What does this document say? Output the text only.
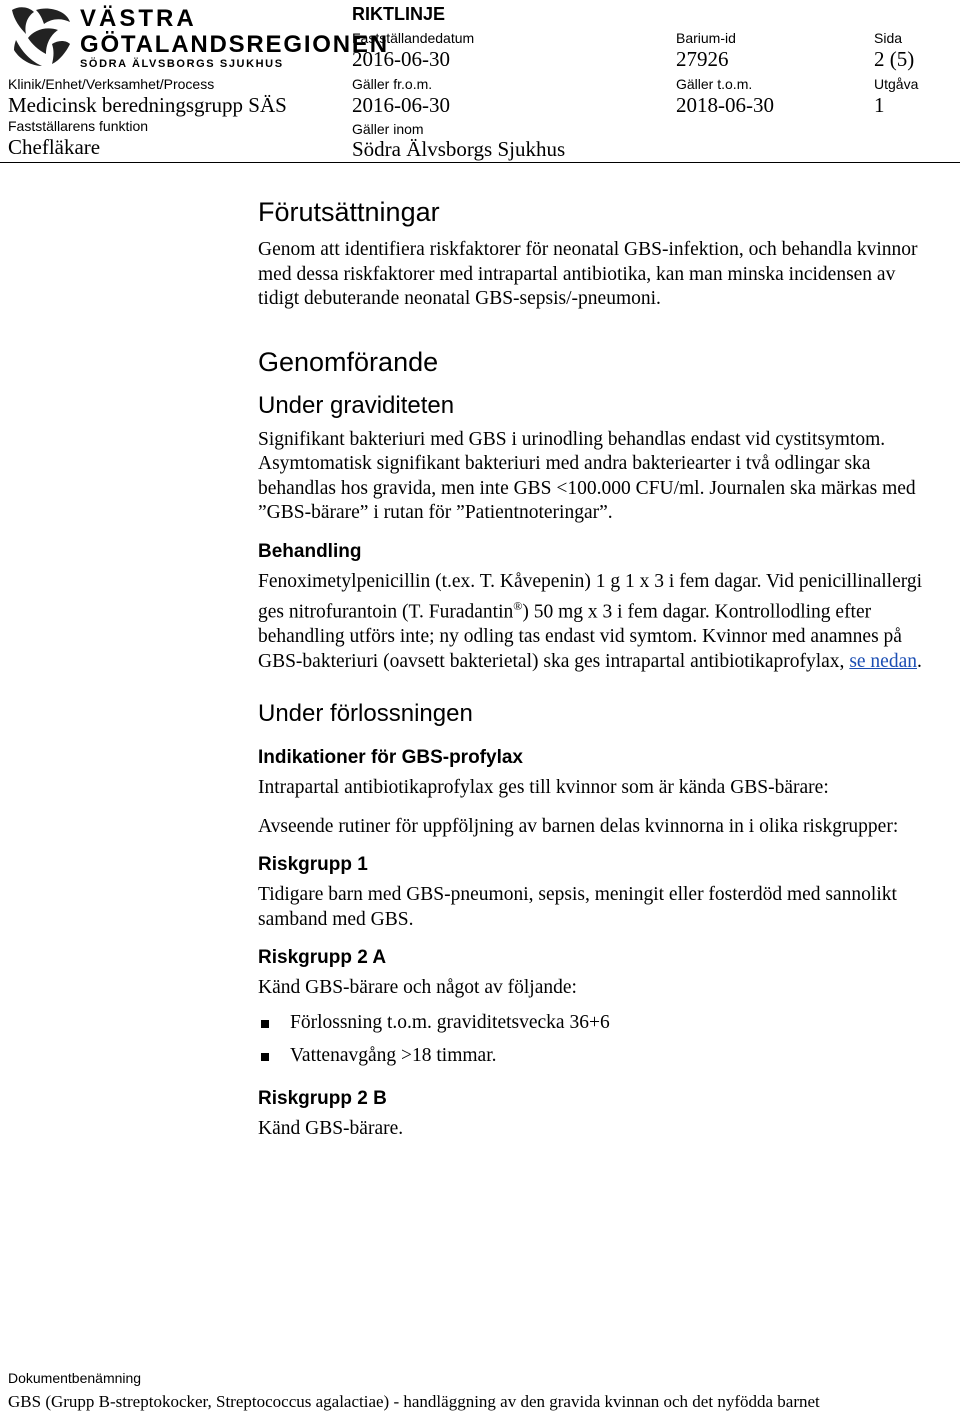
VÄSTRA
GÖTALANDSREGIONEN
SÖDRA ÄLVSBORGS SJUKHUS
RIKTLINJE
Fastställandedatum
2016-06-30
Barium-id
27926
Sida
2 (5)
Klinik/Enhet/Verksamhet/Process
Medicinsk beredningsgrupp SÄS
Gäller fr.o.m.
2016-06-30
Gäller t.o.m.
2018-06-30
Utgåva
1
Fastställarens funktion
Chefläkare
Gäller inom
Södra Älvsborgs Sjukhus
Förutsättningar

Genom att identifiera riskfaktorer för neonatal GBS-infektion, och behandla kvinnor med dessa riskfaktorer med intrapartal antibiotika, kan man minska incidensen av tidigt debuterande neonatal GBS-sepsis/-pneumoni.

Genomförande
Under graviditeten

Signifikant bakteriuri med GBS i urinodling behandlas endast vid cystitsymtom. Asymtomatisk signifikant bakteriuri med andra bakteriearter i två odlingar ska behandlas hos gravida, men inte GBS <100.000 CFU/ml. Journalen ska märkas med ”GBS-bärare” i rutan för ”Patientnoteringar”.

Behandling

Fenoximetylpenicillin (t.ex. T. Kåvepenin) 1 g 1 x 3 i fem dagar. Vid penicillinallergi ges nitrofurantoin (T. Furadantin®) 50 mg x 3 i fem dagar. Kontrollodling efter behandling utförs inte; ny odling tas endast vid symtom. Kvinnor med anamnes på GBS-bakteriuri (oavsett bakterietal) ska ges intrapartal antibiotikaprofylax, se nedan.

Under förlossningen
Indikationer för GBS-profylax

Intrapartal antibiotikaprofylax ges till kvinnor som är kända GBS-bärare:

Avseende rutiner för uppföljning av barnen delas kvinnorna in i olika riskgrupper:

Riskgrupp 1

Tidigare barn med GBS-pneumoni, sepsis, meningit eller fosterdöd med sannolikt samband med GBS.

Riskgrupp 2 A

Känd GBS-bärare och något av följande:

Förlossning t.o.m. graviditetsvecka 36+6
Vattenavgång >18 timmar.
Riskgrupp 2 B

Känd GBS-bärare.

Dokumentbenämning
GBS (Grupp B-streptokocker, Streptococcus agalactiae) - handläggning av den gravida kvinnan och det nyfödda barnet
